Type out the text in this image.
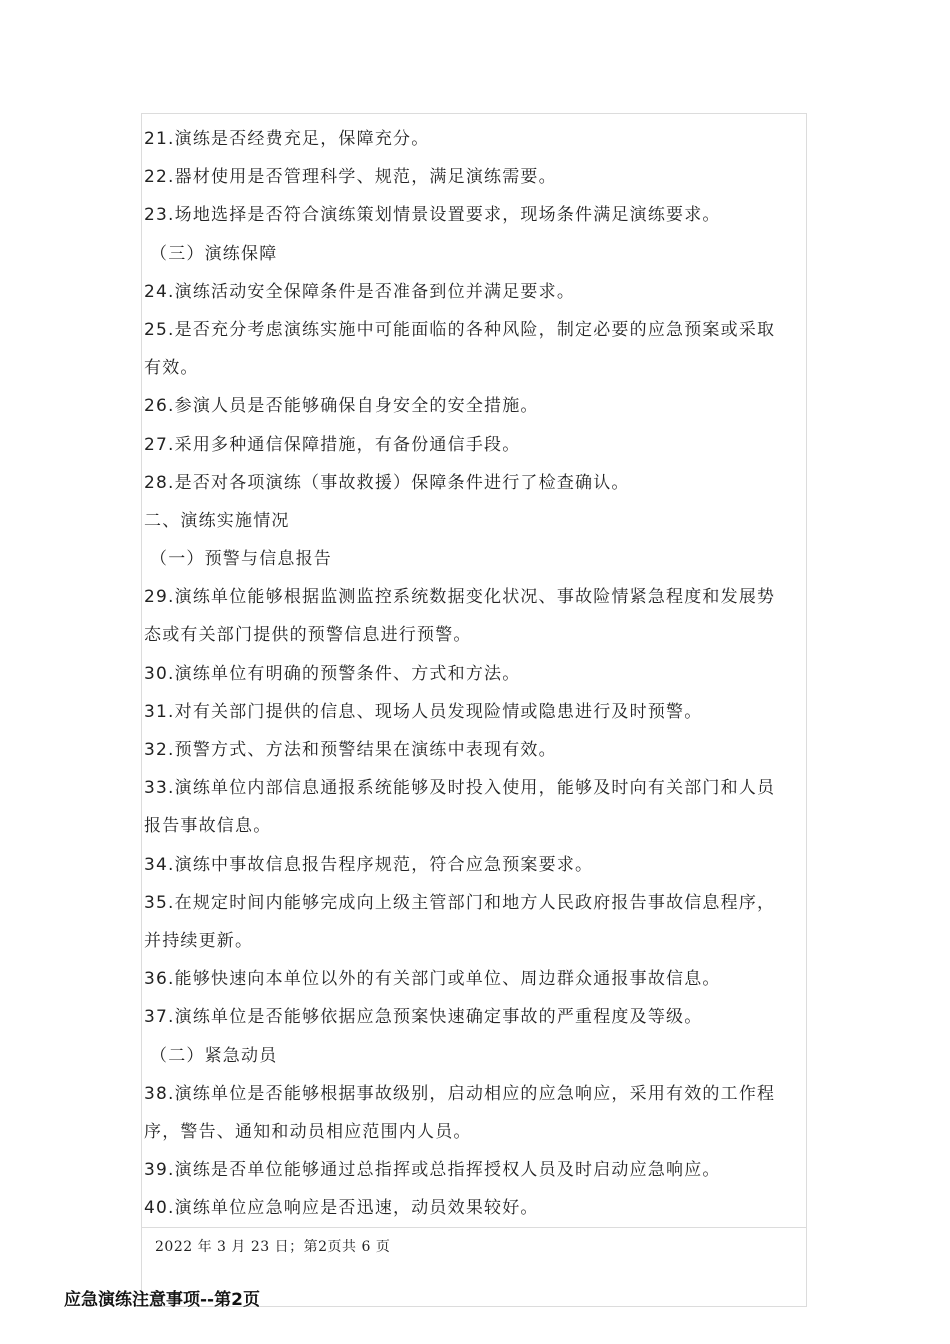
21.演练是否经费充足，保障充分。
22.器材使用是否管理科学、规范，满足演练需要。
23.场地选择是否符合演练策划情景设置要求，现场条件满足演练要求。
（三）演练保障
24.演练活动安全保障条件是否准备到位并满足要求。
25.是否充分考虑演练实施中可能面临的各种风险，制定必要的应急预案或采取
有效。
26.参演人员是否能够确保自身安全的安全措施。
27.采用多种通信保障措施，有备份通信手段。
28.是否对各项演练（事故救援）保障条件进行了检查确认。
二、演练实施情况
（一）预警与信息报告
29.演练单位能够根据监测监控系统数据变化状况、事故险情紧急程度和发展势
态或有关部门提供的预警信息进行预警。
30.演练单位有明确的预警条件、方式和方法。
31.对有关部门提供的信息、现场人员发现险情或隐患进行及时预警。
32.预警方式、方法和预警结果在演练中表现有效。
33.演练单位内部信息通报系统能够及时投入使用，能够及时向有关部门和人员
报告事故信息。
34.演练中事故信息报告程序规范，符合应急预案要求。
35.在规定时间内能够完成向上级主管部门和地方人民政府报告事故信息程序，
并持续更新。
36.能够快速向本单位以外的有关部门或单位、周边群众通报事故信息。
37.演练单位是否能够依据应急预案快速确定事故的严重程度及等级。
（二）紧急动员
38.演练单位是否能够根据事故级别，启动相应的应急响应，采用有效的工作程
序，警告、通知和动员相应范围内人员。
39.演练是否单位能够通过总指挥或总指挥授权人员及时启动应急响应。
40.演练单位应急响应是否迅速，动员效果较好。
2022 年 3 月 23 日；第2页共 6 页
应急演练注意事项--第2页
